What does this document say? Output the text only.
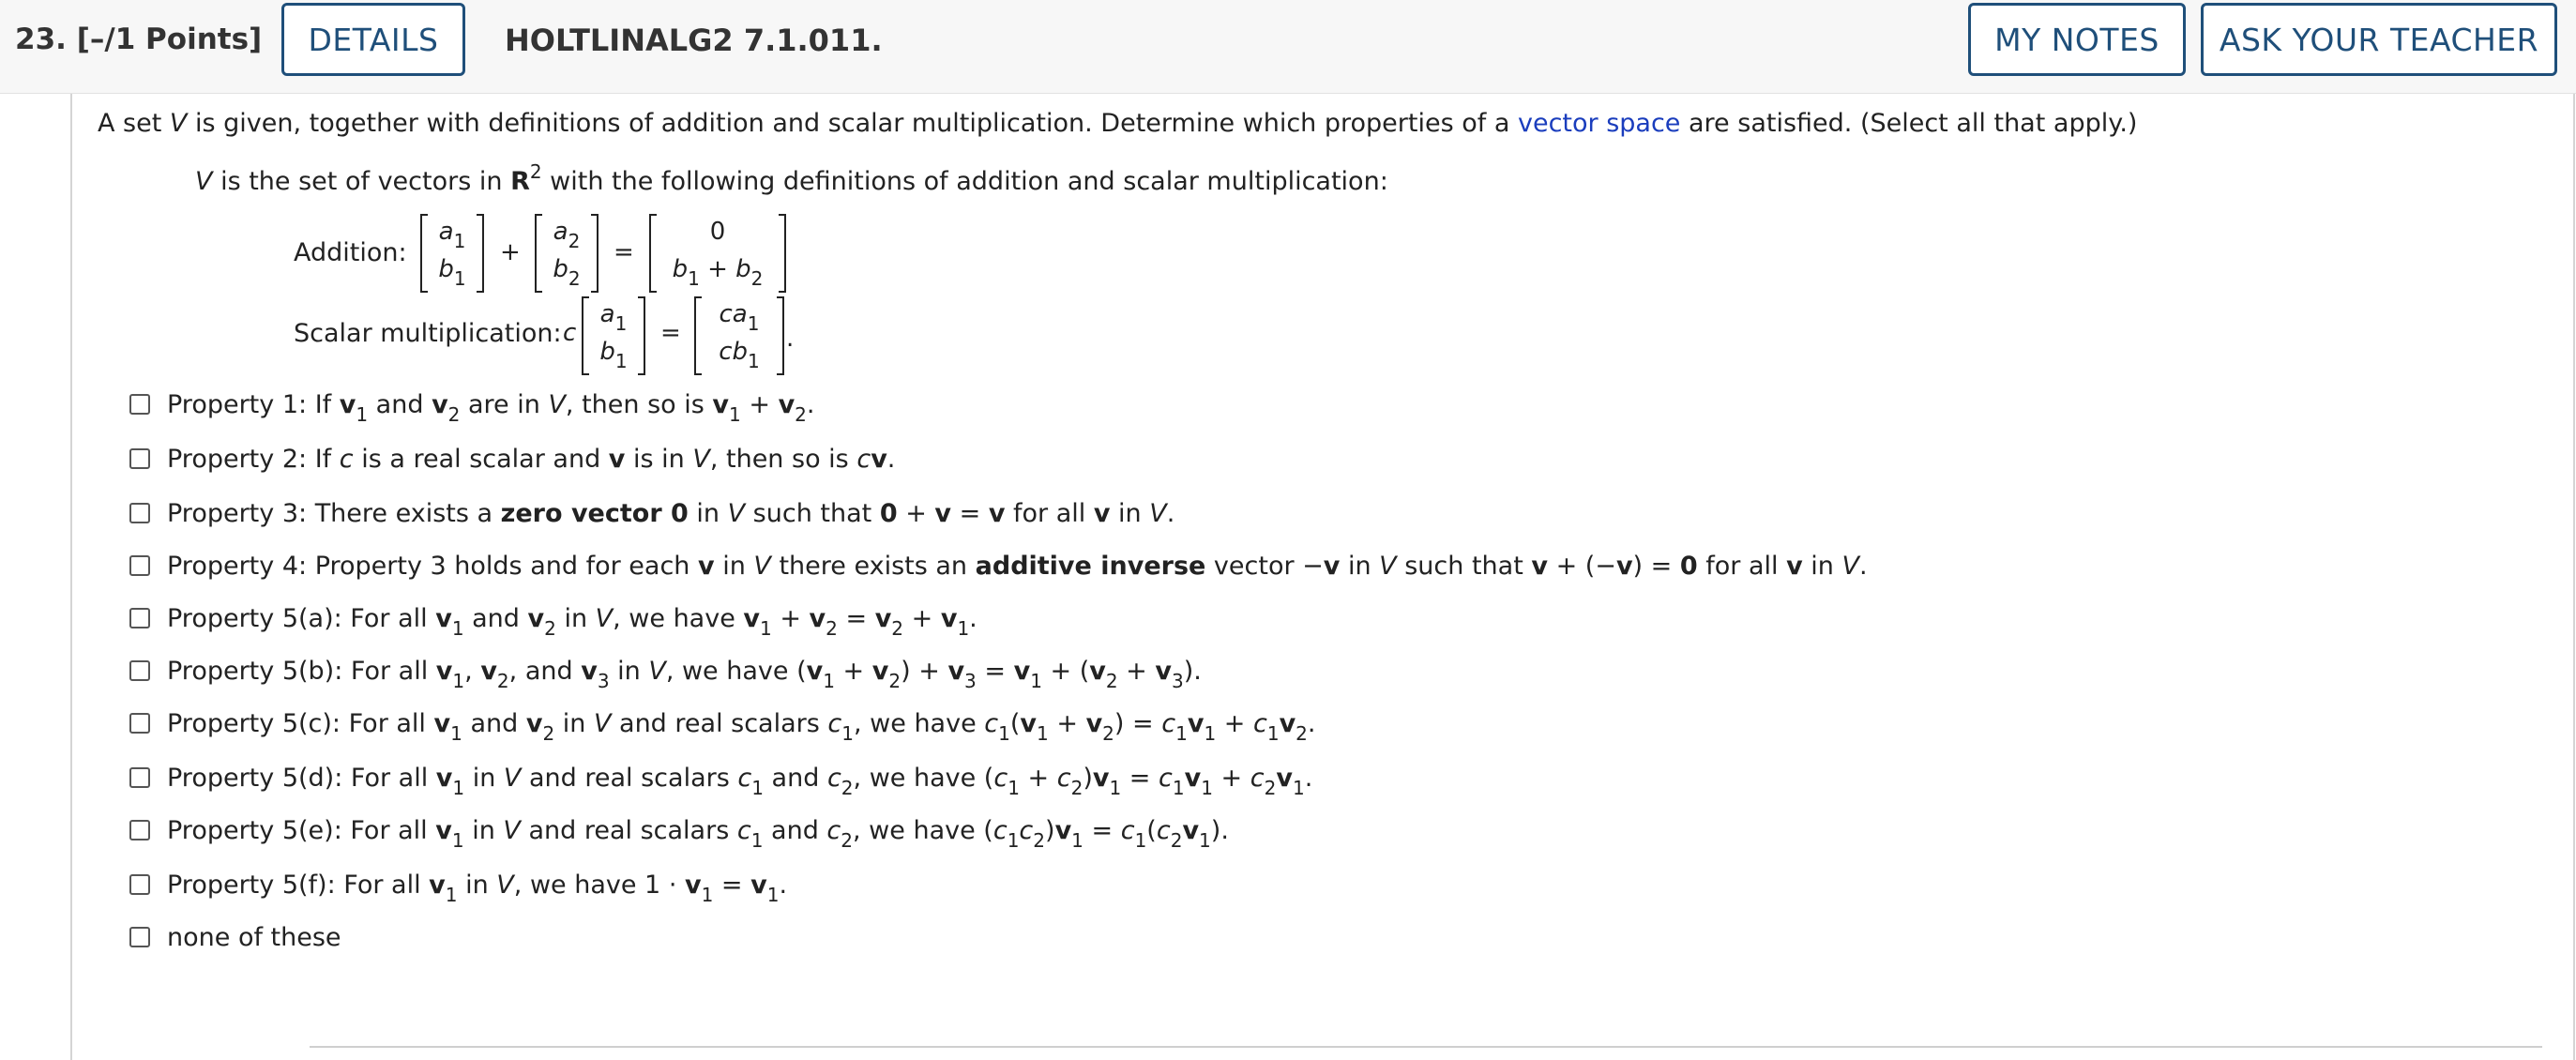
23. [–/1 Points]	DETAILS	HOLTLINALG2 7.1.011.	MY NOTES	ASK YOUR TEACHER
A set V is given, together with definitions of addition and scalar multiplication. Determine which properties of a vector space are satisfied. (Select all that apply.)
V is the set of vectors in $R^2$ with the following definitions of addition and scalar multiplication:
Addition:
$a_1$
$b_1$
+
$a_2$
$b_2$
=
0
$b_1 + b_2$
Scalar multiplication: c
$a_1$
$b_1$
=
$ca_1$
$cb_1$
.
Property 1: If $v_1$ and $v_2$ are in V, then so is $v_1 + v_2$.
Property 2: If c is a real scalar and v is in V, then so is cv.
Property 3: There exists a zero vector 0 in V such that 0 + v = v for all v in V.
Property 4: Property 3 holds and for each v in V there exists an additive inverse vector −v in V such that v + (−v) = 0 for all v in V.
Property 5(a): For all $v_1$ and $v_2$ in V, we have $v_1 + v_2 = v_2 + v_1$.
Property 5(b): For all $v_1$, $v_2$, and $v_3$ in V, we have $(v_1 + v_2) + v_3 = v_1 + (v_2 + v_3)$.
Property 5(c): For all $v_1$ and $v_2$ in V and real scalars $c_1$, we have $c_1(v_1 + v_2) = c_1v_1 + c_1v_2$.
Property 5(d): For all $v_1$ in V and real scalars $c_1$ and $c_2$, we have $(c_1 + c_2)v_1 = c_1v_1 + c_2v_1$.
Property 5(e): For all $v_1$ in V and real scalars $c_1$ and $c_2$, we have $(c_1c_2)v_1 = c_1(c_2v_1)$.
Property 5(f): For all $v_1$ in V, we have $1 \cdot v_1 = v_1$.
none of these
